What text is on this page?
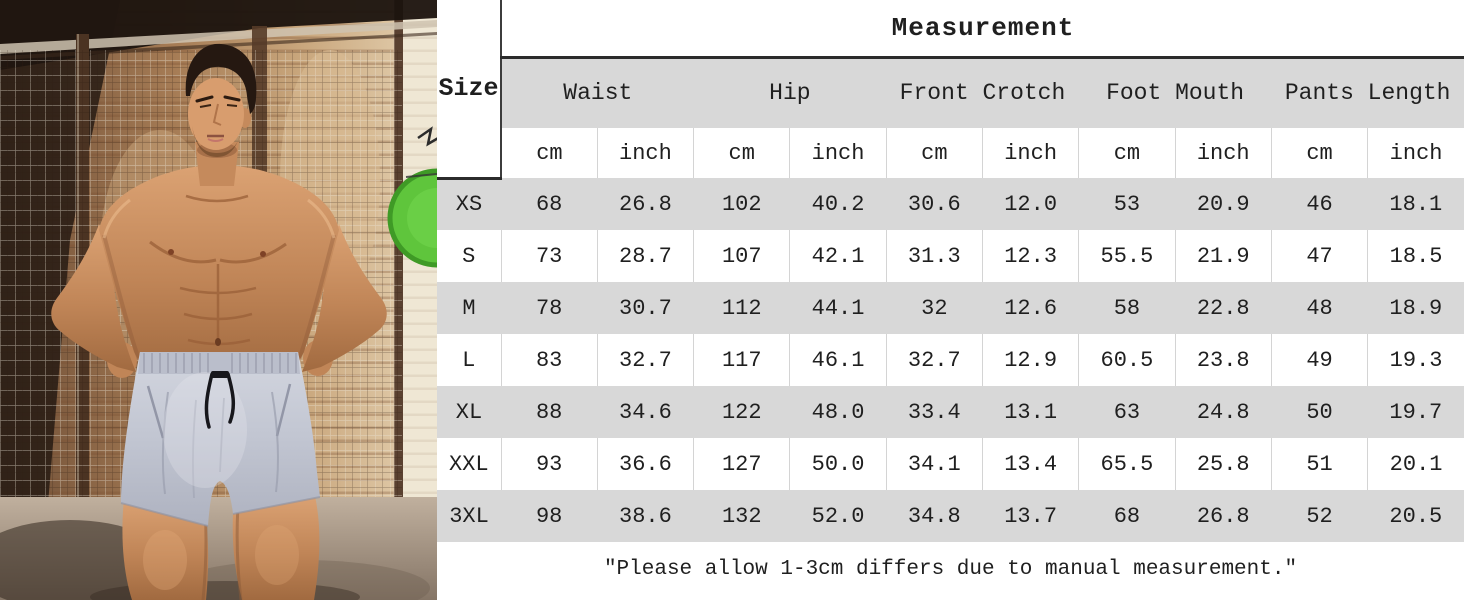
Size	Measurement									
	Waist		Hip		Front Crotch		Foot Mouth		Pants Length	
	cm	inch	cm	inch	cm	inch	cm	inch	cm	inch
XS	68	26.8	102	40.2	30.6	12.0	53	20.9	46	18.1
S	73	28.7	107	42.1	31.3	12.3	55.5	21.9	47	18.5
M	78	30.7	112	44.1	32	12.6	58	22.8	48	18.9
L	83	32.7	117	46.1	32.7	12.9	60.5	23.8	49	19.3
XL	88	34.6	122	48.0	33.4	13.1	63	24.8	50	19.7
XXL	93	36.6	127	50.0	34.1	13.4	65.5	25.8	51	20.1
3XL	98	38.6	132	52.0	34.8	13.7	68	26.8	52	20.5
″Please allow 1-3cm differs due to manual measurement.″
